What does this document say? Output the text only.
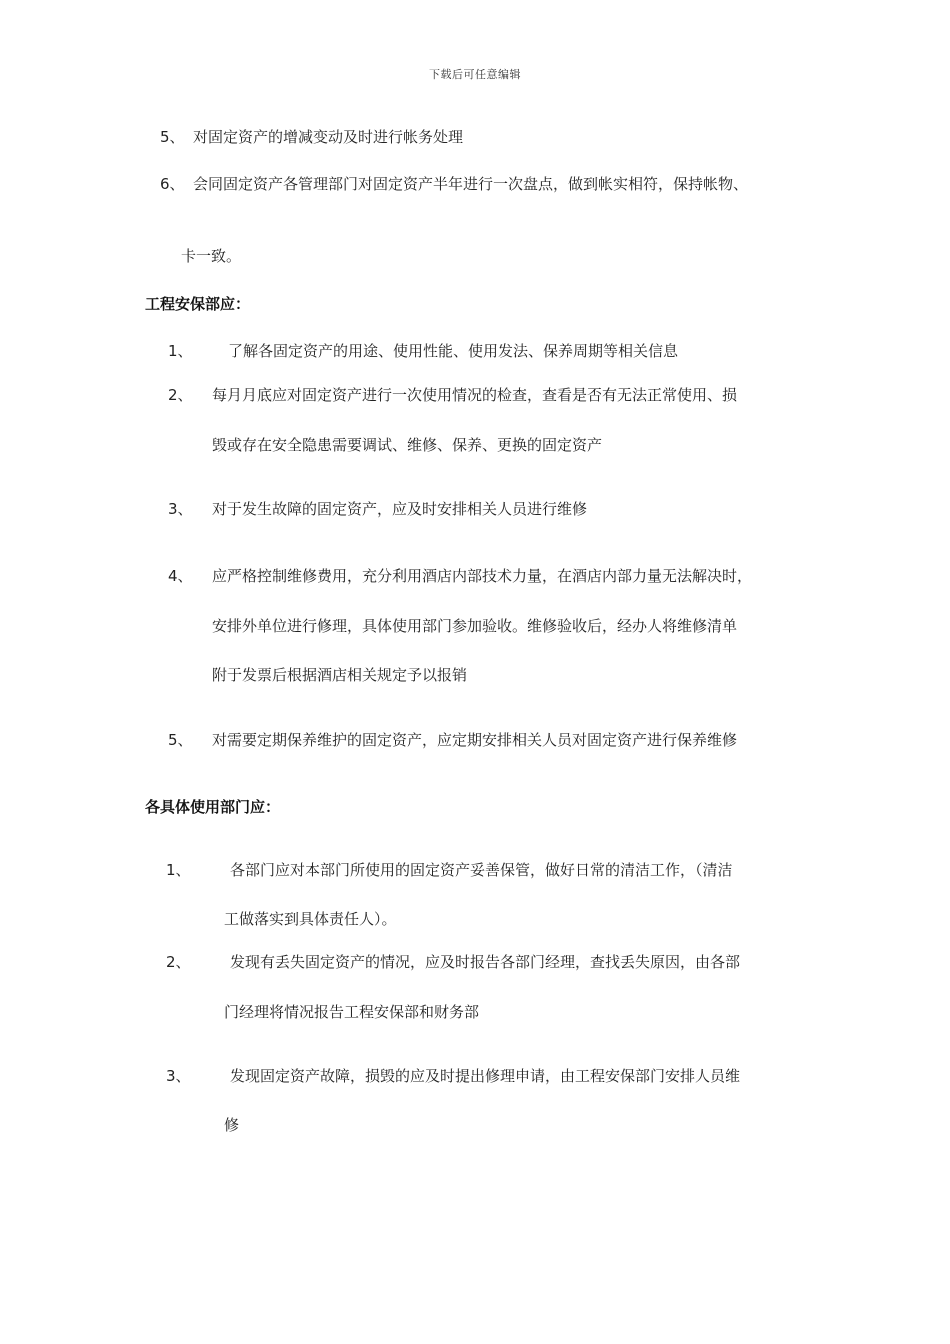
下载后可任意编辑
5、 对固定资产的增减变动及时进行帐务处理
6、 会同固定资产各管理部门对固定资产半年进行一次盘点，做到帐实相符，保持帐物、
卡一致。
工程安保部应：
1、 了解各固定资产的用途、使用性能、使用发法、保养周期等相关信息
2、 每月月底应对固定资产进行一次使用情况的检查，查看是否有无法正常使用、损
毁或存在安全隐患需要调试、维修、保养、更换的固定资产
3、 对于发生故障的固定资产，应及时安排相关人员进行维修
4、 应严格控制维修费用，充分利用酒店内部技术力量，在酒店内部力量无法解决时，
安排外单位进行修理，具体使用部门参加验收。维修验收后，经办人将维修清单
附于发票后根据酒店相关规定予以报销
5、 对需要定期保养维护的固定资产，应定期安排相关人员对固定资产进行保养维修
各具体使用部门应：
1、	各部门应对本部门所使用的固定资产妥善保管，做好日常的清洁工作，（清洁
工做落实到具体责任人）。
2、	发现有丢失固定资产的情况，应及时报告各部门经理，查找丢失原因，由各部
门经理将情况报告工程安保部和财务部
3、	发现固定资产故障，损毁的应及时提出修理申请，由工程安保部门安排人员维
修
